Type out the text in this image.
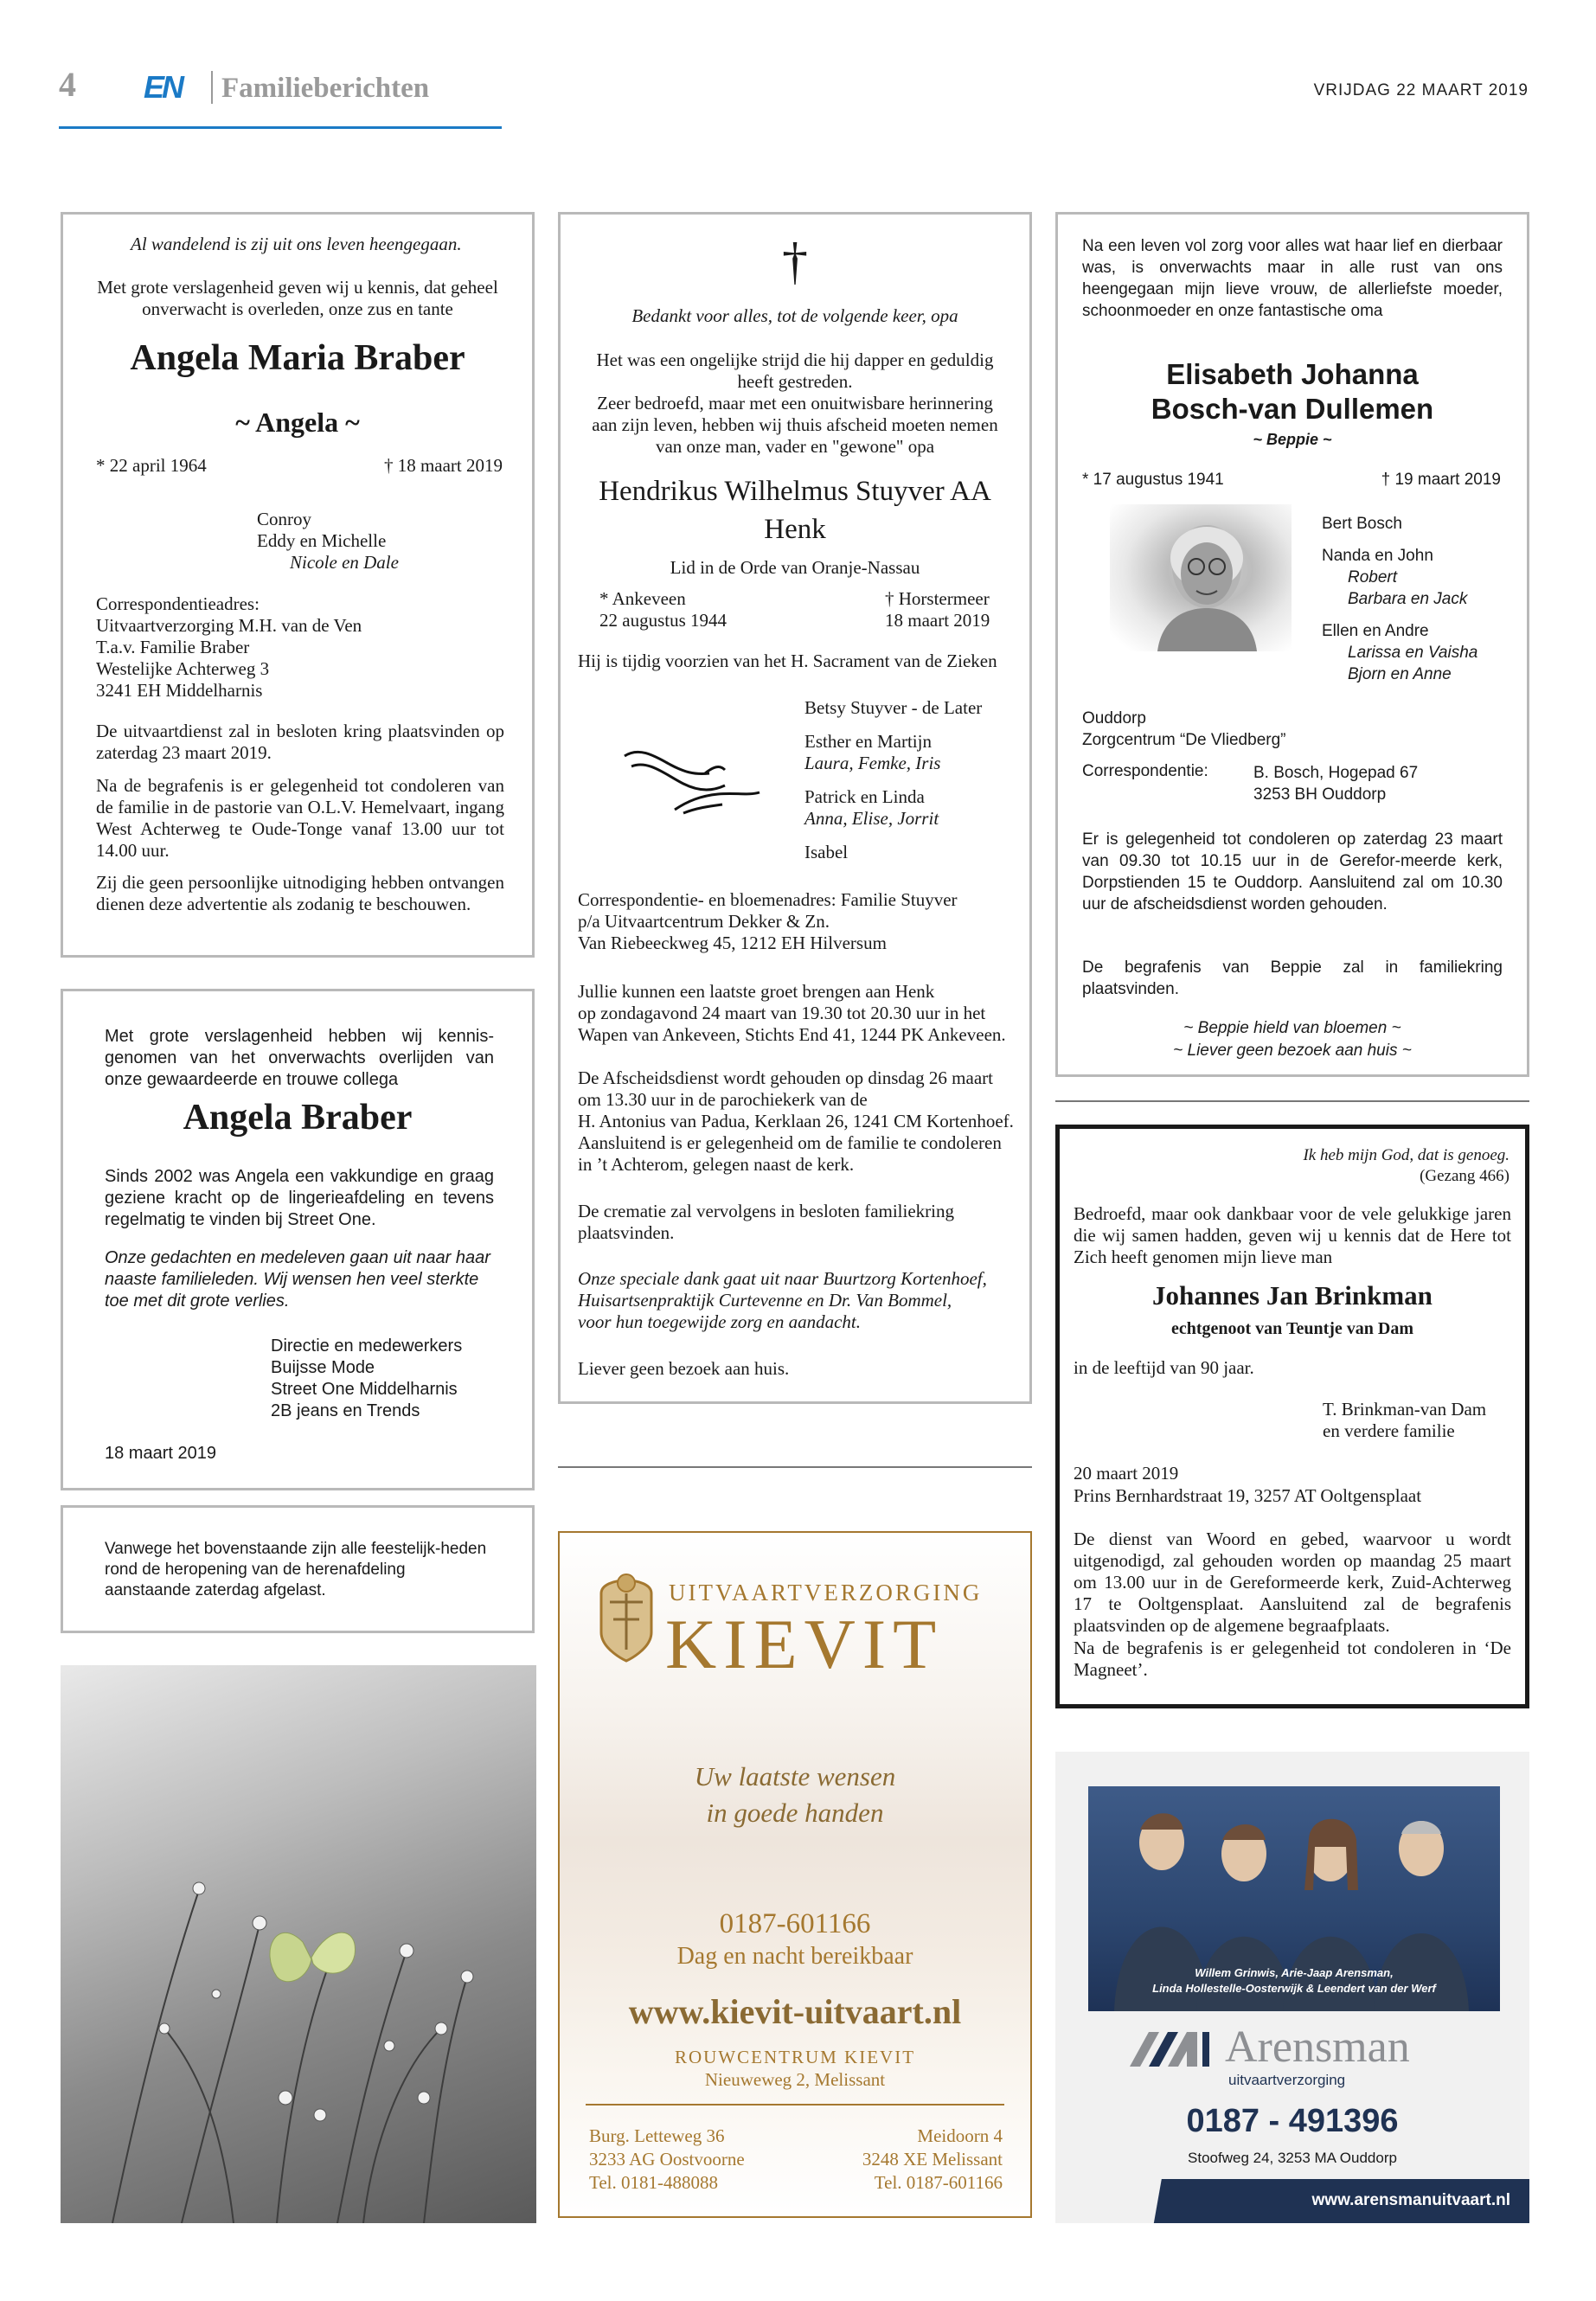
4 EN Familieberichten	VRIJDAG 22 MAART 2019
Al wandelend is zij uit ons leven heengegaan.
Met grote verslagenheid geven wij u kennis, dat geheel onverwacht is overleden, onze zus en tante
Angela Maria Braber
~ Angela ~
* 22 april 1964	† 18 maart 2019

Conroy

Eddy en Michelle

Nicole en Dale

Correspondentieadres:

Uitvaartverzorging M.H. van de Ven

T.a.v. Familie Braber

Westelijke Achterweg 3

3241 EH Middelharnis

De uitvaartdienst zal in besloten kring plaatsvinden op zaterdag 23 maart 2019.
Na de begrafenis is er gelegenheid tot condoleren van de familie in de pastorie van O.L.V. Hemelvaart, ingang West Achterweg te Oude-Tonge vanaf 13.00 uur tot 14.00 uur.
Zij die geen persoonlijke uitnodiging hebben ontvangen dienen deze advertentie als zodanig te beschouwen.
Met grote verslagenheid hebben wij kennis-genomen van het onverwachts overlijden van onze gewaardeerde en trouwe collega
Angela Braber
Sinds 2002 was Angela een vakkundige en graag geziene kracht op de lingerieafdeling en tevens regelmatig te vinden bij Street One.
Onze gedachten en medeleven gaan uit naar haar naaste familieleden. Wij wensen hen veel sterkte toe met dit grote verlies.

Directie en medewerkers

Buijsse Mode

Street One Middelharnis

2B jeans en Trends

18 maart 2019
Vanwege het bovenstaande zijn alle feestelijk-heden rond de heropening van de herenafdeling aanstaande zaterdag afgelast.
†
Bedankt voor alles, tot de volgende keer, opa
Het was een ongelijke strijd die hij dapper en geduldig heeft gestreden.
Zeer bedroefd, maar met een onuitwisbare herinnering aan zijn leven, hebben wij thuis afscheid moeten nemen van onze man, vader en "gewone" opa
Hendrikus Wilhelmus Stuyver AA
Henk
Lid in de Orde van Oranje-Nassau

* Ankeveen

22 augustus 1944

† Horstermeer

18 maart 2019

Hij is tijdig voorzien van het H. Sacrament van de Zieken

Betsy Stuyver - de Later

Esther en Martijn

Laura, Femke, Iris

Patrick en Linda

Anna, Elise, Jorrit

Isabel

Correspondentie- en bloemenadres: Familie Stuyver

p/a Uitvaartcentrum Dekker & Zn.

Van Riebeeckweg 45, 1212 EH Hilversum

Jullie kunnen een laatste groet brengen aan Henk

op zondagavond 24 maart van 19.30 tot 20.30 uur in het

Wapen van Ankeveen, Stichts End 41, 1244 PK Ankeveen.

De Afscheidsdienst wordt gehouden op dinsdag 26 maart

om 13.30 uur in de parochiekerk van de

H. Antonius van Padua, Kerklaan 26, 1241 CM Kortenhoef.

Aansluitend is er gelegenheid om de familie te condoleren

in ’t Achterom, gelegen naast de kerk.

De crematie zal vervolgens in besloten familiekring plaatsvinden.

Onze speciale dank gaat uit naar Buurtzorg Kortenhoef,

Huisartsenpraktijk Curtevenne en Dr. Van Bommel,

voor hun toegewijde zorg en aandacht.

Liever geen bezoek aan huis.
UITVAARTVERZORGING
KIEVIT
Uw laatste wensen
in goede handen
0187-601166
Dag en nacht bereikbaar
www.kievit-uitvaart.nl
ROUWCENTRUM KIEVIT
Nieuweweg 2, Melissant

Burg. Letteweg 36

3233 AG Oostvoorne

Tel. 0181-488088

Meidoorn 4

3248 XE Melissant

Tel. 0187-601166

Na een leven vol zorg voor alles wat haar lief en dierbaar was, is onverwachts maar in alle rust van ons heengegaan mijn lieve vrouw, de allerliefste moeder, schoonmoeder en onze fantastische oma
Elisabeth Johanna
Bosch-van Dullemen
~ Beppie ~
* 17 augustus 1941	† 19 maart 2019

Bert Bosch

Nanda en John

Robert

Barbara en Jack

Ellen en Andre

Larissa en Vaisha

Bjorn en Anne

Ouddorp

Zorgcentrum “De Vliedberg”

Correspondentie:	B. Bosch, Hogepad 67

3253 BH Ouddorp

Er is gelegenheid tot condoleren op zaterdag 23 maart van 09.30 tot 10.15 uur in de Gerefor-meerde kerk, Dorpstienden 15 te Ouddorp. Aansluitend zal om 10.30 uur de afscheidsdienst worden gehouden.
De begrafenis van Beppie zal in familiekring plaatsvinden.
~ Beppie hield van bloemen ~
~ Liever geen bezoek aan huis ~
Ik heb mijn God, dat is genoeg.
(Gezang 466)
Bedroefd, maar ook dankbaar voor de vele gelukkige jaren die wij samen hadden, geven wij u kennis dat de Here tot Zich heeft genomen mijn lieve man
Johannes Jan Brinkman
echtgenoot van Teuntje van Dam
in de leeftijd van 90 jaar.

T. Brinkman-van Dam

en verdere familie

20 maart 2019
Prins Bernhardstraat 19, 3257 AT Ooltgensplaat
De dienst van Woord en gebed, waarvoor u wordt uitgenodigd, zal gehouden worden op maandag 25 maart om 13.00 uur in de Gereformeerde kerk, Zuid-Achterweg 17 te Ooltgensplaat. Aansluitend zal de begrafenis plaatsvinden op de algemene begraafplaats.
Na de begrafenis is er gelegenheid tot condoleren in ‘De Magneet’.
Willem Grinwis, Arie-Jaap Arensman,
Linda Hollestelle-Oosterwijk & Leendert van der Werf
Arensman
uitvaartverzorging
0187 - 491396
Stoofweg 24, 3253 MA Ouddorp
www.arensmanuitvaart.nl
